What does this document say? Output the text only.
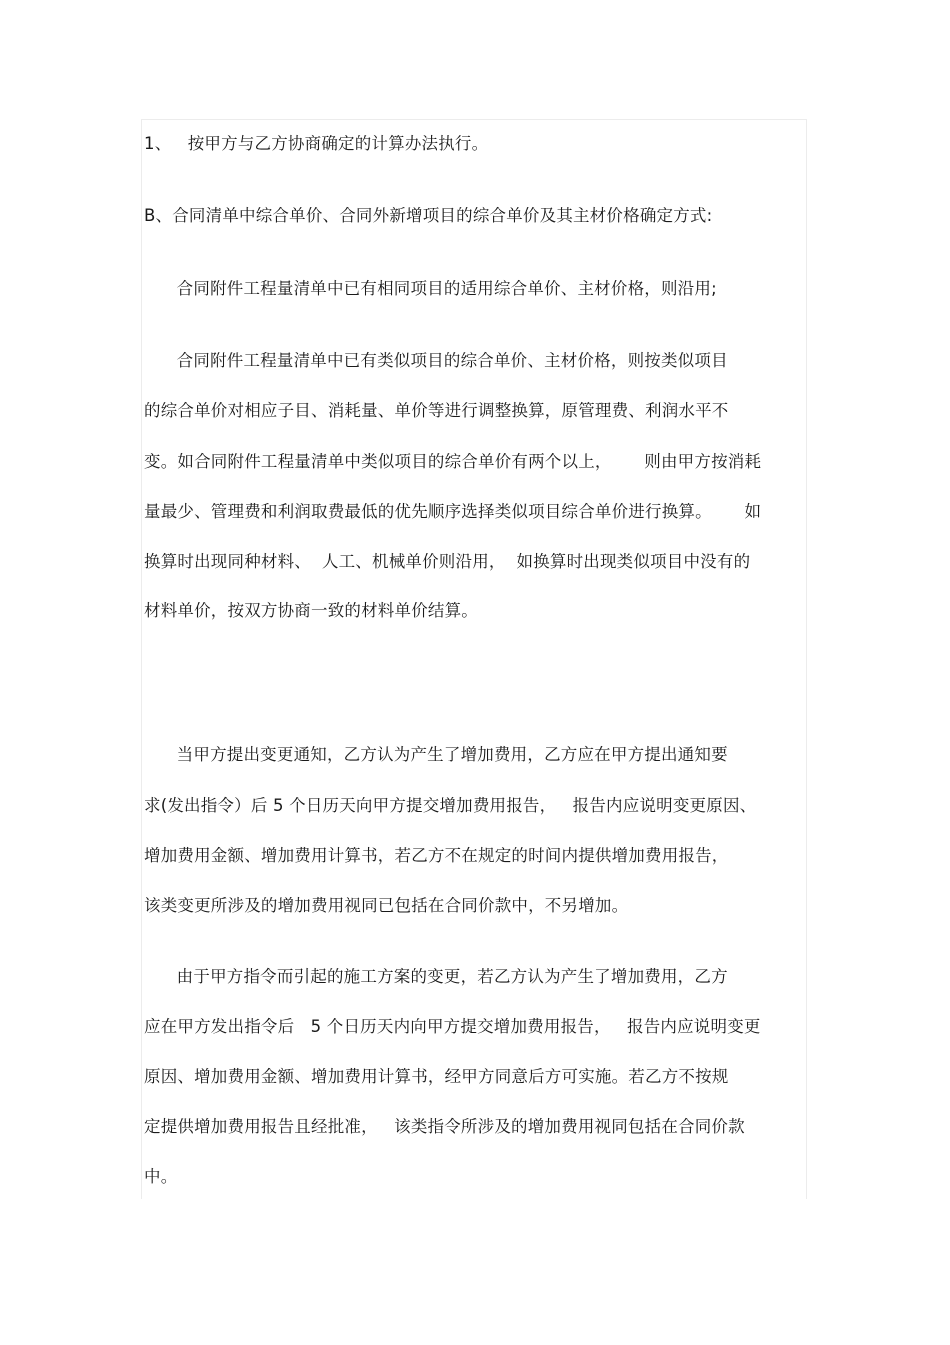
1、   按甲方与乙方协商确定的计算办法执行。
B、合同清单中综合单价、合同外新增项目的综合单价及其主材价格确定方式:
合同附件工程量清单中已有相同项目的适用综合单价、主材价格，则沿用;
合同附件工程量清单中已有类似项目的综合单价、主材价格，则按类似项目
的综合单价对相应子目、消耗量、单价等进行调整换算，原管理费、利润水平不
变。如合同附件工程量清单中类似项目的综合单价有两个以上，      则由甲方按消耗
量最少、管理费和利润取费最低的优先顺序选择类似项目综合单价进行换算。      如
换算时出现同种材料、  人工、机械单价则沿用，  如换算时出现类似项目中没有的
材料单价，按双方协商一致的材料单价结算。
当甲方提出变更通知，乙方认为产生了增加费用，乙方应在甲方提出通知要
求(发出指令）后 5 个日历天向甲方提交增加费用报告，   报告内应说明变更原因、
增加费用金额、增加费用计算书，若乙方不在规定的时间内提供增加费用报告，
该类变更所涉及的增加费用视同已包括在合同价款中，不另增加。
由于甲方指令而引起的施工方案的变更，若乙方认为产生了增加费用，乙方
应在甲方发出指令后   5 个日历天内向甲方提交增加费用报告，   报告内应说明变更
原因、增加费用金额、增加费用计算书，经甲方同意后方可实施。若乙方不按规
定提供增加费用报告且经批准，   该类指令所涉及的增加费用视同包括在合同价款
中。
